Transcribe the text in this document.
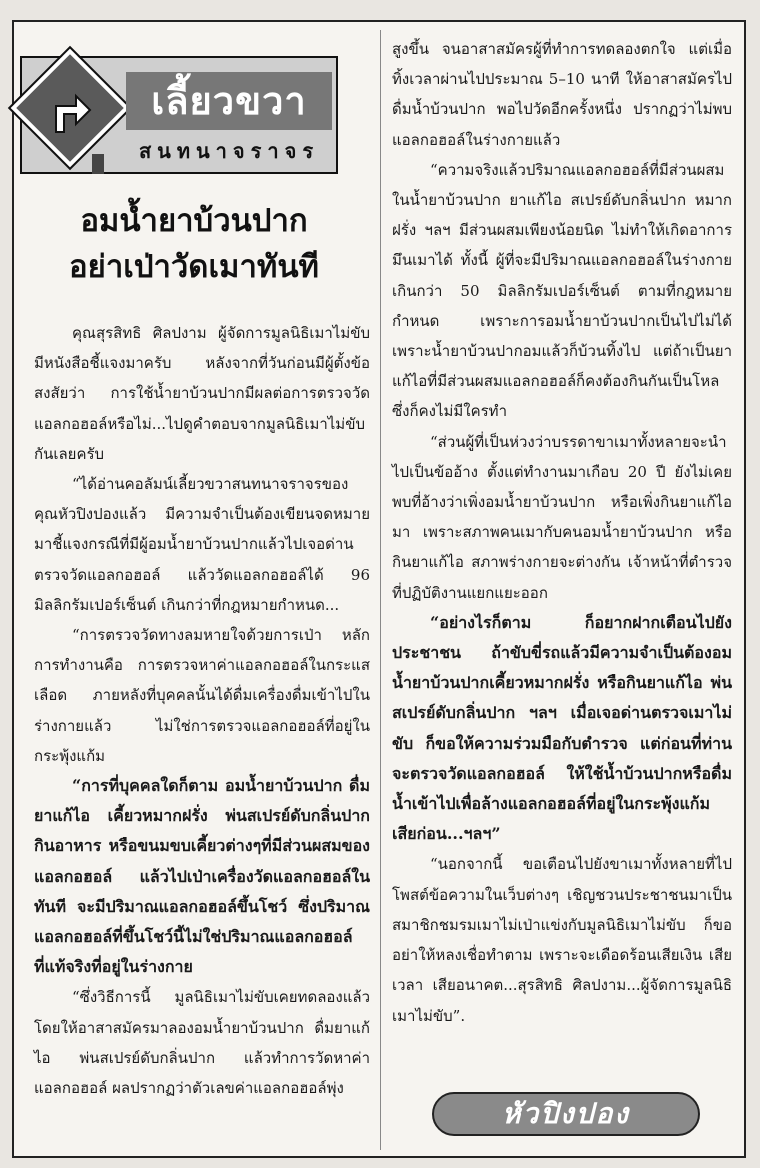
เลี้ยวขวา
สนทนาจราจร
อมน้ำยาบ้วนปาก
อย่าเป่าวัดเมาทันที

คุณสุรสิทธิ ศิลปงาม ผู้จัดการมูลนิธิเมาไม่ขับ มีหนังสือชี้แจงมาครับ หลังจากที่วันก่อนมีผู้ตั้งข้อสงสัยว่า การใช้น้ำยาบ้วนปากมีผลต่อการตรวจวัดแอลกอฮอล์หรือไม่...ไปดูคำตอบจากมูลนิธิเมาไม่ขับกันเลยครับ

“ได้อ่านคอลัมน์เลี้ยวขวาสนทนาจราจรของคุณหัวปิงปองแล้ว มีความจำเป็นต้องเขียนจดหมายมาชี้แจงกรณีที่มีผู้อมน้ำยาบ้วนปากแล้วไปเจอด่านตรวจวัดแอลกอฮอล์ แล้ววัดแอลกอฮอล์ได้ 96 มิลลิกรัมเปอร์เซ็นต์ เกินกว่าที่กฎหมายกำหนด...

“การตรวจวัดทางลมหายใจด้วยการเป่า หลักการทำงานคือ การตรวจหาค่าแอลกอฮอล์ในกระแสเลือด ภายหลังที่บุคคลนั้นได้ดื่มเครื่องดื่มเข้าไปในร่างกายแล้ว ไม่ใช่การตรวจแอลกอฮอล์ที่อยู่ในกระพุ้งแก้ม

“การที่บุคคลใดก็ตาม อมน้ำยาบ้วนปาก ดื่มยาแก้ไอ เคี้ยวหมากฝรั่ง พ่นสเปรย์ดับกลิ่นปาก กินอาหาร หรือขนมขบเคี้ยวต่างๆที่มีส่วนผสมของแอลกอฮอล์ แล้วไปเป่าเครื่องวัดแอลกอฮอล์ในทันที จะมีปริมาณแอลกอฮอล์ขึ้นโชว์ ซึ่งปริมาณแอลกอฮอล์ที่ขึ้นโชว์นี้ไม่ใช่ปริมาณแอลกอฮอล์ที่แท้จริงที่อยู่ในร่างกาย

“ซึ่งวิธีการนี้ มูลนิธิเมาไม่ขับเคยทดลองแล้ว โดยให้อาสาสมัครมาลองอมน้ำยาบ้วนปาก ดื่มยาแก้ไอ พ่นสเปรย์ดับกลิ่นปาก แล้วทำการวัดหาค่าแอลกอฮอล์ ผลปรากฏว่าตัวเลขค่าแอลกอฮอล์พุ่ง

สูงขึ้น จนอาสาสมัครผู้ที่ทำการทดลองตกใจ แต่เมื่อทิ้งเวลาผ่านไปประมาณ 5–10 นาที ให้อาสาสมัครไปดื่มน้ำบ้วนปาก พอไปวัดอีกครั้งหนึ่ง ปรากฏว่าไม่พบแอลกอฮอล์ในร่างกายแล้ว

“ความจริงแล้วปริมาณแอลกอฮอล์ที่มีส่วนผสมในน้ำยาบ้วนปาก ยาแก้ไอ สเปรย์ดับกลิ่นปาก หมากฝรั่ง ฯลฯ มีส่วนผสมเพียงน้อยนิด ไม่ทำให้เกิดอาการมึนเมาได้ ทั้งนี้ ผู้ที่จะมีปริมาณแอลกอฮอล์ในร่างกายเกินกว่า 50 มิลลิกรัมเปอร์เซ็นต์ ตามที่กฎหมายกำหนด เพราะการอมน้ำยาบ้วนปากเป็นไปไม่ได้ เพราะน้ำยาบ้วนปากอมแล้วก็บ้วนทิ้งไป แต่ถ้าเป็นยาแก้ไอที่มีส่วนผสมแอลกอฮอล์ก็คงต้องกินกันเป็นโหล ซึ่งก็คงไม่มีใครทำ

“ส่วนผู้ที่เป็นห่วงว่าบรรดาขาเมาทั้งหลายจะนำไปเป็นข้ออ้าง ตั้งแต่ทำงานมาเกือบ 20 ปี ยังไม่เคยพบที่อ้างว่าเพิ่งอมน้ำยาบ้วนปาก หรือเพิ่งกินยาแก้ไอมา เพราะสภาพคนเมากับคนอมน้ำยาบ้วนปาก หรือกินยาแก้ไอ สภาพร่างกายจะต่างกัน เจ้าหน้าที่ตำรวจที่ปฏิบัติงานแยกแยะออก

“อย่างไรก็ตาม ก็อยากฝากเตือนไปยังประชาชน ถ้าขับขี่รถแล้วมีความจำเป็นต้องอมน้ำยาบ้วนปากเคี้ยวหมากฝรั่ง หรือกินยาแก้ไอ พ่นสเปรย์ดับกลิ่นปาก ฯลฯ เมื่อเจอด่านตรวจเมาไม่ขับ ก็ขอให้ความร่วมมือกับตำรวจ แต่ก่อนที่ท่านจะตรวจวัดแอลกอฮอล์ ให้ใช้น้ำบ้วนปากหรือดื่มน้ำเข้าไปเพื่อล้างแอลกอฮอล์ที่อยู่ในกระพุ้งแก้มเสียก่อน...ฯลฯ”

“นอกจากนี้ ขอเตือนไปยังขาเมาทั้งหลายที่ไปโพสต์ข้อความในเว็บต่างๆ เชิญชวนประชาชนมาเป็นสมาชิกชมรมเมาไม่เป่าแข่งกับมูลนิธิเมาไม่ขับ ก็ขออย่าให้หลงเชื่อทำตาม เพราะจะเดือดร้อนเสียเงิน เสียเวลา เสียอนาคต...สุรสิทธิ ศิลปงาม...ผู้จัดการมูลนิธิเมาไม่ขับ”.

หัวปิงปอง
